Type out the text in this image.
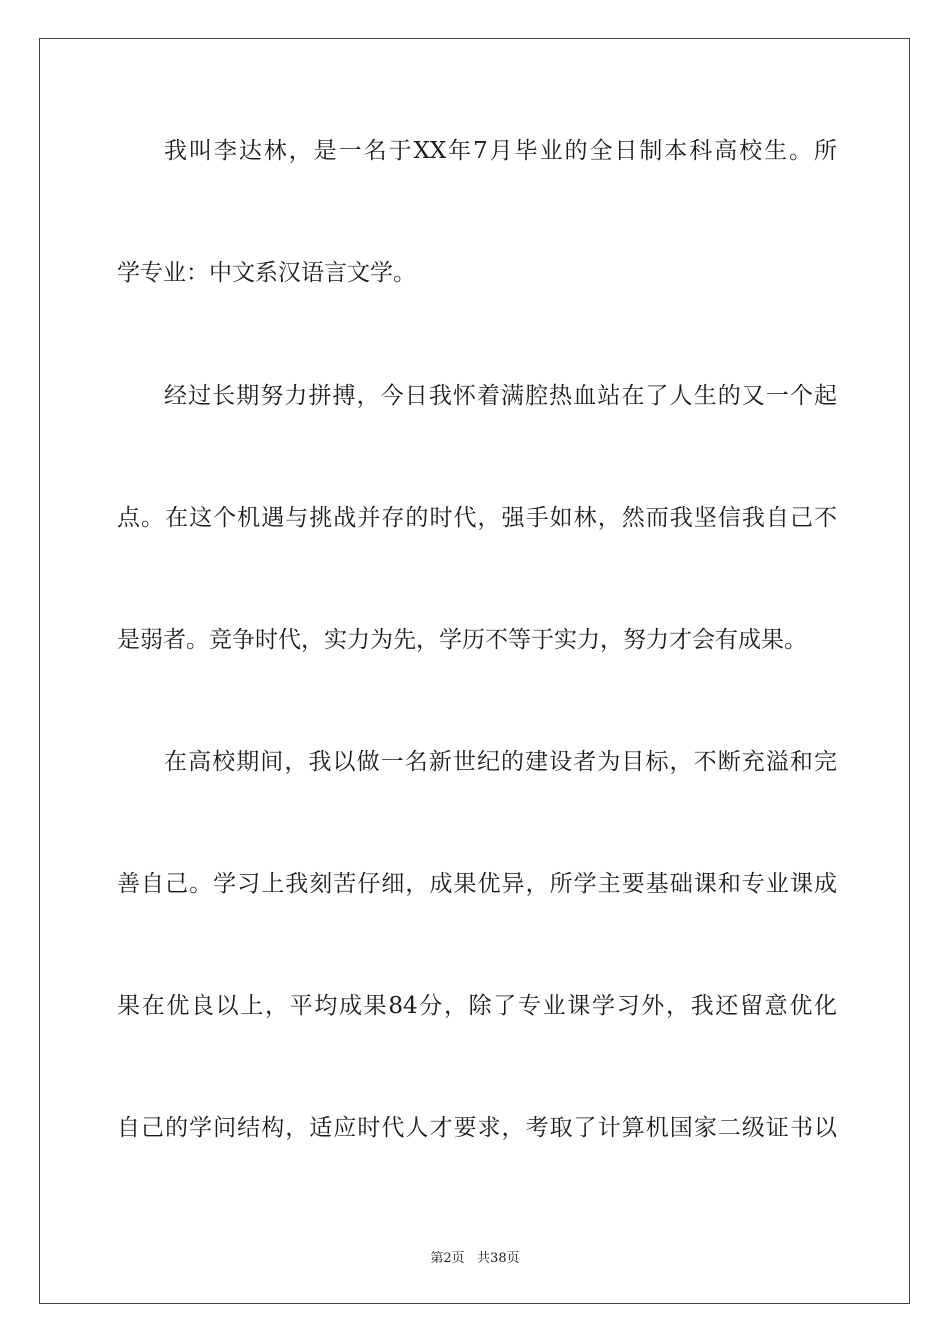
我叫李达林，是一名于XX年7月毕业的全日制本科高校生。所
学专业：中文系汉语言文学。
经过长期努力拼搏，今日我怀着满腔热血站在了人生的又一个起
点。在这个机遇与挑战并存的时代，强手如林，然而我坚信我自己不
是弱者。竞争时代，实力为先，学历不等于实力，努力才会有成果。
在高校期间，我以做一名新世纪的建设者为目标，不断充溢和完
善自己。学习上我刻苦仔细，成果优异，所学主要基础课和专业课成
果在优良以上，平均成果84分，除了专业课学习外，我还留意优化
自己的学问结构，适应时代人才要求，考取了计算机国家二级证书以
第2页   共38页
